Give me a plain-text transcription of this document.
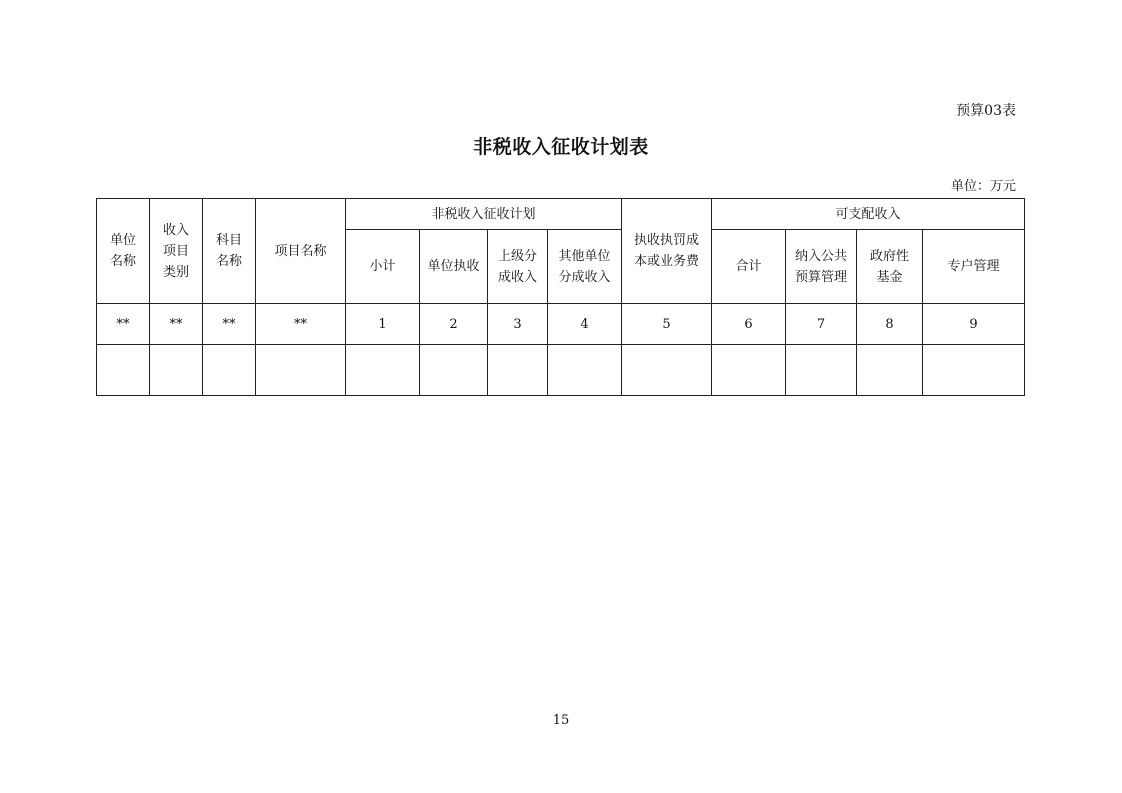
预算03表
非税收入征收计划表
单位：万元
单位名称	收入项目类别	科目名称	项目名称	非税收入征收计划				执收执罚成本或业务费	可支配收入			
				小计	单位执收	上级分成收入	其他单位分成收入		合计	纳入公共预算管理	政府性基金	专户管理
**	**	**	**	1	2	3	4	5	6	7	8	9

15
